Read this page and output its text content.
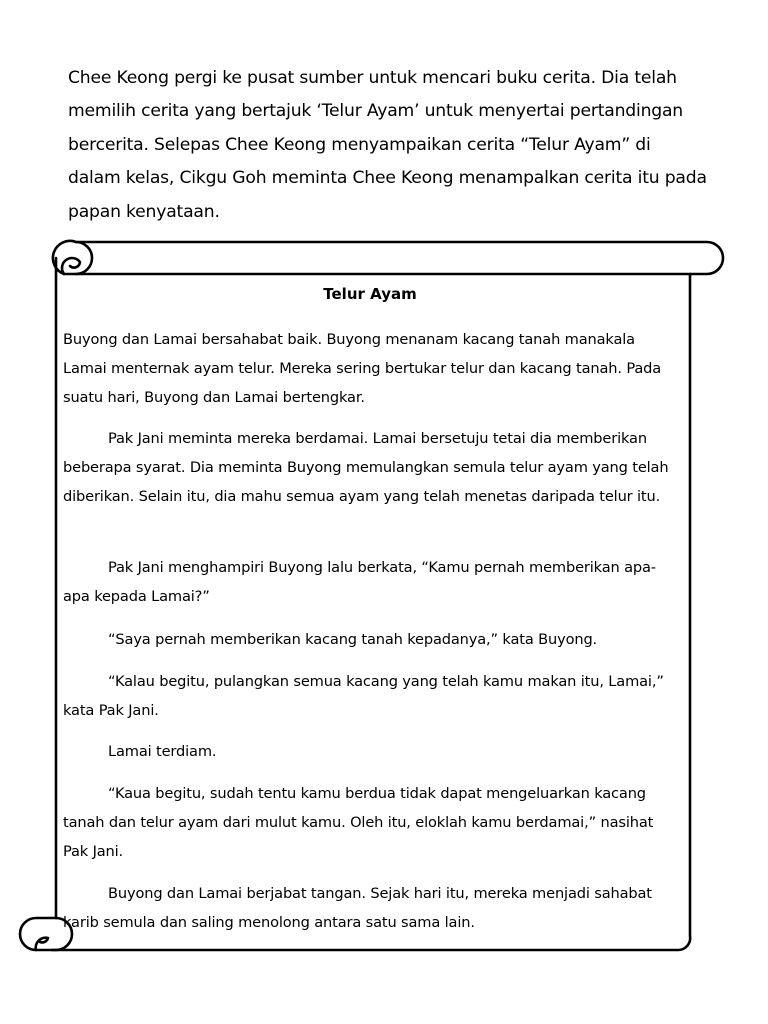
Chee Keong pergi ke pusat sumber untuk mencari buku cerita. Dia telah memilih cerita yang bertajuk ‘Telur Ayam’ untuk menyertai pertandingan bercerita. Selepas Chee Keong menyampaikan cerita “Telur Ayam” di dalam kelas, Cikgu Goh meminta Chee Keong menampalkan cerita itu pada papan kenyataan.

Telur Ayam

Buyong dan Lamai bersahabat baik. Buyong menanam kacang tanah manakala Lamai menternak ayam telur. Mereka sering bertukar telur dan kacang tanah. Pada suatu hari, Buyong dan Lamai bertengkar.

Pak Jani meminta mereka berdamai. Lamai bersetuju tetai dia memberikan beberapa syarat. Dia meminta Buyong memulangkan semula telur ayam yang telah diberikan. Selain itu, dia mahu semua ayam yang telah menetas daripada telur itu.

Pak Jani menghampiri Buyong lalu berkata, “Kamu pernah memberikan apa-apa kepada Lamai?”

“Saya pernah memberikan kacang tanah kepadanya,” kata Buyong.

“Kalau begitu, pulangkan semua kacang yang telah kamu makan itu, Lamai,” kata Pak Jani.

Lamai terdiam.

“Kaua begitu, sudah tentu kamu berdua tidak dapat mengeluarkan kacang tanah dan telur ayam dari mulut kamu. Oleh itu, eloklah kamu berdamai,” nasihat Pak Jani.

Buyong dan Lamai berjabat tangan. Sejak hari itu, mereka menjadi sahabat karib semula dan saling menolong antara satu sama lain.
